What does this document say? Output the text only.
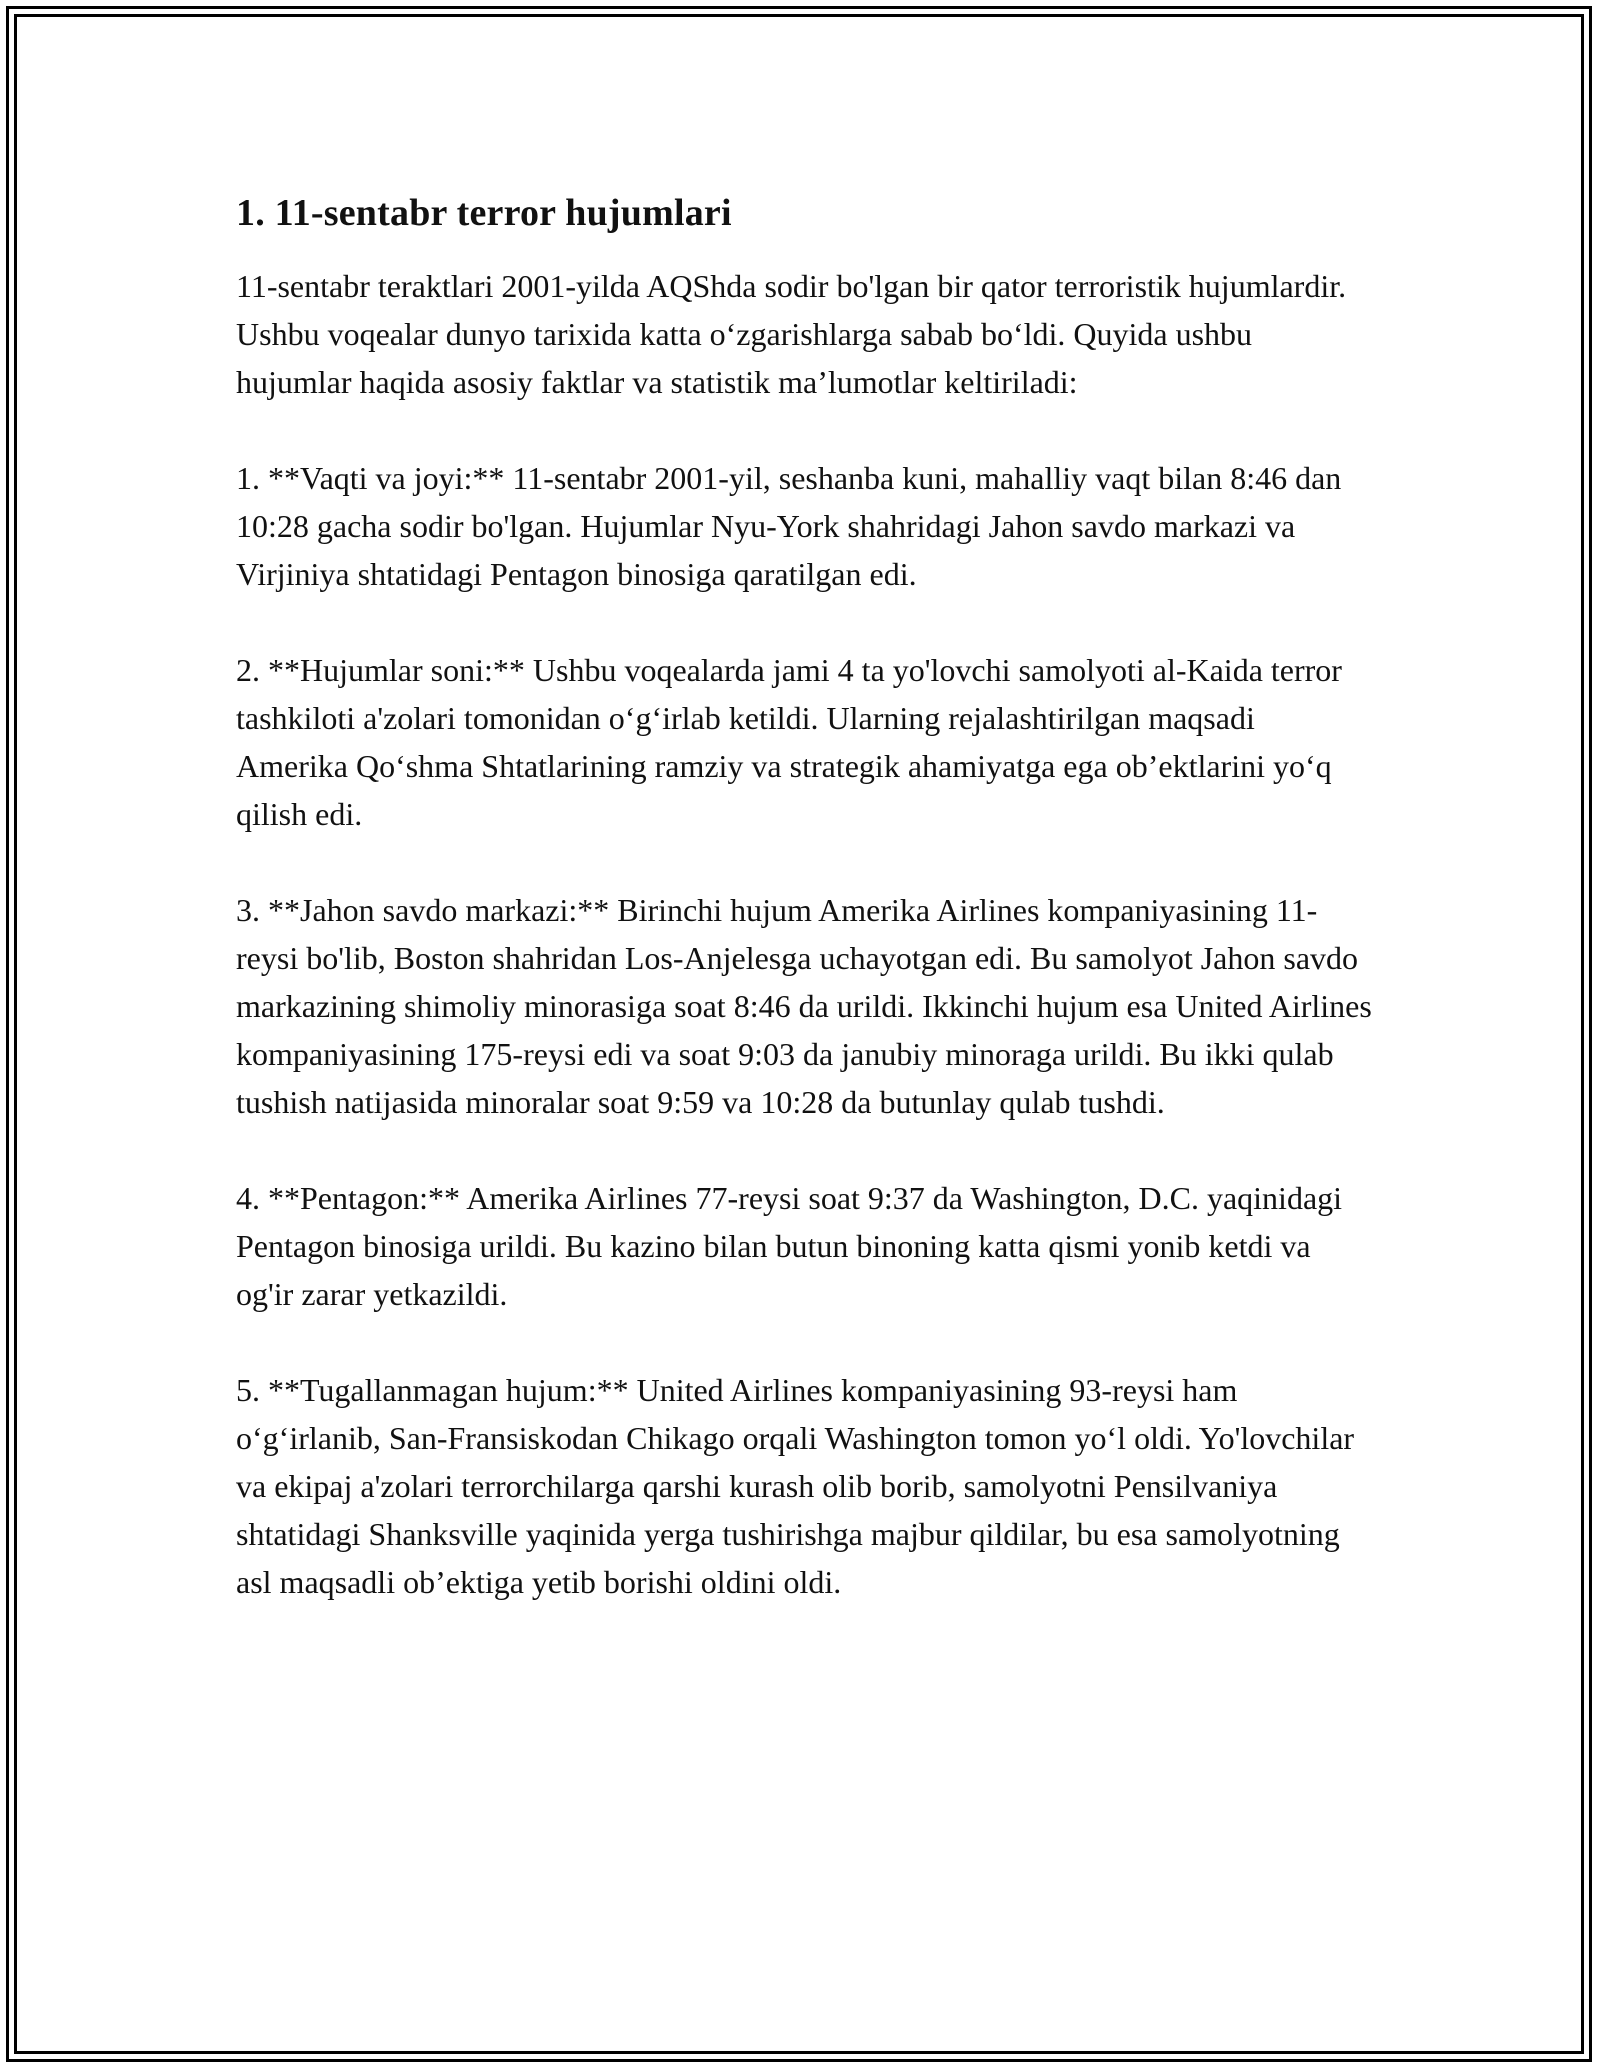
1. 11-sentabr terror hujumlari

11-sentabr teraktlari 2001-yilda AQShda sodir bo'lgan bir qator terroristik hujumlardir. Ushbu voqealar dunyo tarixida katta oʻzgarishlarga sabab boʻldi. Quyida ushbu hujumlar haqida asosiy faktlar va statistik maʼlumotlar keltiriladi:

1. **Vaqti va joyi:** 11-sentabr 2001-yil, seshanba kuni, mahalliy vaqt bilan 8:46 dan 10:28 gacha sodir bo'lgan. Hujumlar Nyu-York shahridagi Jahon savdo markazi va Virjiniya shtatidagi Pentagon binosiga qaratilgan edi.

2. **Hujumlar soni:** Ushbu voqealarda jami 4 ta yo'lovchi samolyoti al-Kaida terror tashkiloti a'zolari tomonidan oʻgʻirlab ketildi. Ularning rejalashtirilgan maqsadi Amerika Qoʻshma Shtatlarining ramziy va strategik ahamiyatga ega obʼektlarini yoʻq qilish edi.

3. **Jahon savdo markazi:** Birinchi hujum Amerika Airlines kompaniyasining 11-reysi bo'lib, Boston shahridan Los-Anjelesga uchayotgan edi. Bu samolyot Jahon savdo markazining shimoliy minorasiga soat 8:46 da urildi. Ikkinchi hujum esa United Airlines kompaniyasining 175-reysi edi va soat 9:03 da janubiy minoraga urildi. Bu ikki qulab tushish natijasida minoralar soat 9:59 va 10:28 da butunlay qulab tushdi.

4. **Pentagon:** Amerika Airlines 77-reysi soat 9:37 da Washington, D.C. yaqinidagi Pentagon binosiga urildi. Bu kazino bilan butun binoning katta qismi yonib ketdi va og'ir zarar yetkazildi.

5. **Tugallanmagan hujum:** United Airlines kompaniyasining 93-reysi ham oʻgʻirlanib, San-Fransiskodan Chikago orqali Washington tomon yoʻl oldi. Yo'lovchilar va ekipaj a'zolari terrorchilarga qarshi kurash olib borib, samolyotni Pensilvaniya shtatidagi Shanksville yaqinida yerga tushirishga majbur qildilar, bu esa samolyotning asl maqsadli obʼektiga yetib borishi oldini oldi.
